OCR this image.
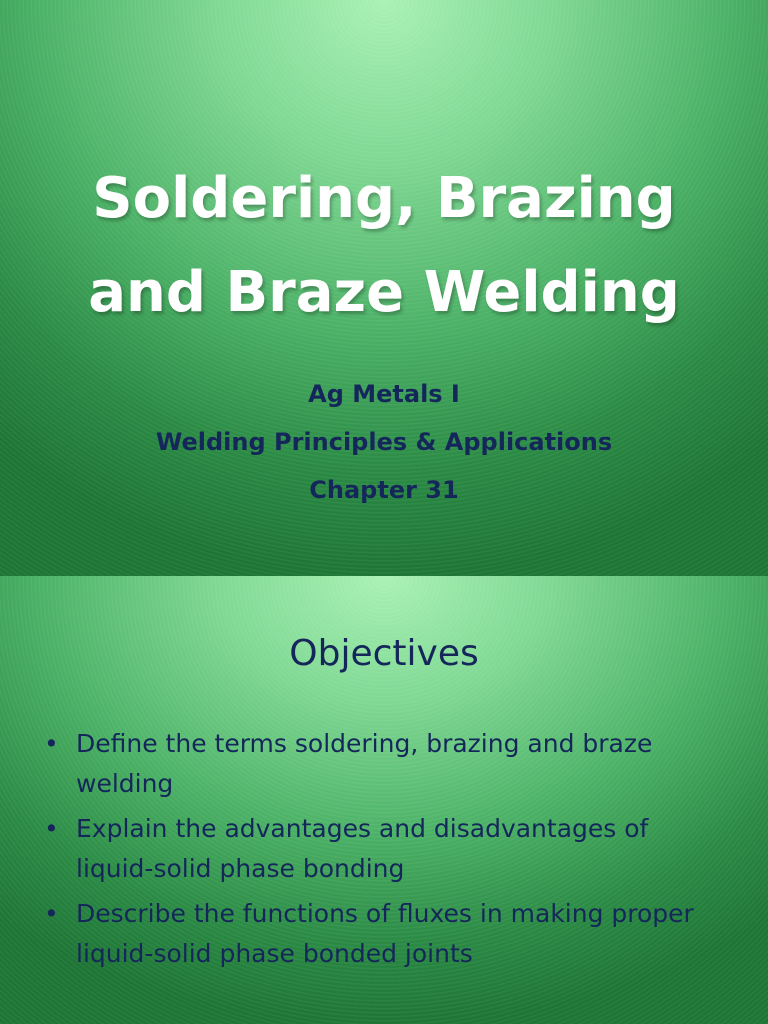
Soldering, Brazing
and Braze Welding
Ag Metals I
Welding Principles & Applications
Chapter 31
Objectives
• Define the terms soldering, brazing and braze welding
• Explain the advantages and disadvantages of liquid-solid phase bonding
• Describe the functions of fluxes in making proper liquid-solid phase bonded joints
